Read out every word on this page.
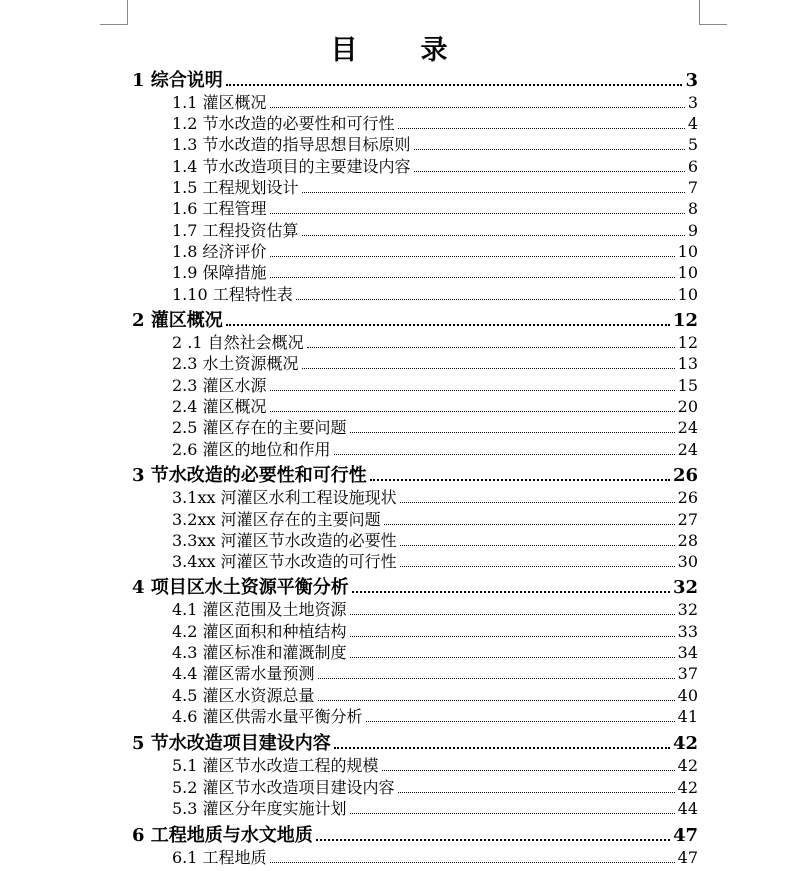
目　录
1 综合说明	3
1.1 灌区概况	3
1.2 节水改造的必要性和可行性	4
1.3 节水改造的指导思想目标原则	5
1.4 节水改造项目的主要建设内容	6
1.5 工程规划设计	7
1.6 工程管理	8
1.7 工程投资估算	9
1.8 经济评价	10
1.9 保障措施	10
1.10 工程特性表	10
2 灌区概况	12
2 .1 自然社会概况	12
2.3 水土资源概况	13
2.3 灌区水源	15
2.4 灌区概况	20
2.5 灌区存在的主要问题	24
2.6 灌区的地位和作用	24
3 节水改造的必要性和可行性	26
3.1xx 河灌区水利工程设施现状	26
3.2xx 河灌区存在的主要问题	27
3.3xx 河灌区节水改造的必要性	28
3.4xx 河灌区节水改造的可行性	30
4 项目区水土资源平衡分析	32
4.1 灌区范围及土地资源	32
4.2 灌区面积和种植结构	33
4.3 灌区标准和灌溉制度	34
4.4 灌区需水量预测	37
4.5 灌区水资源总量	40
4.6 灌区供需水量平衡分析	41
5 节水改造项目建设内容	42
5.1 灌区节水改造工程的规模	42
5.2 灌区节水改造项目建设内容	42
5.3 灌区分年度实施计划	44
6 工程地质与水文地质	47
6.1 工程地质	47
